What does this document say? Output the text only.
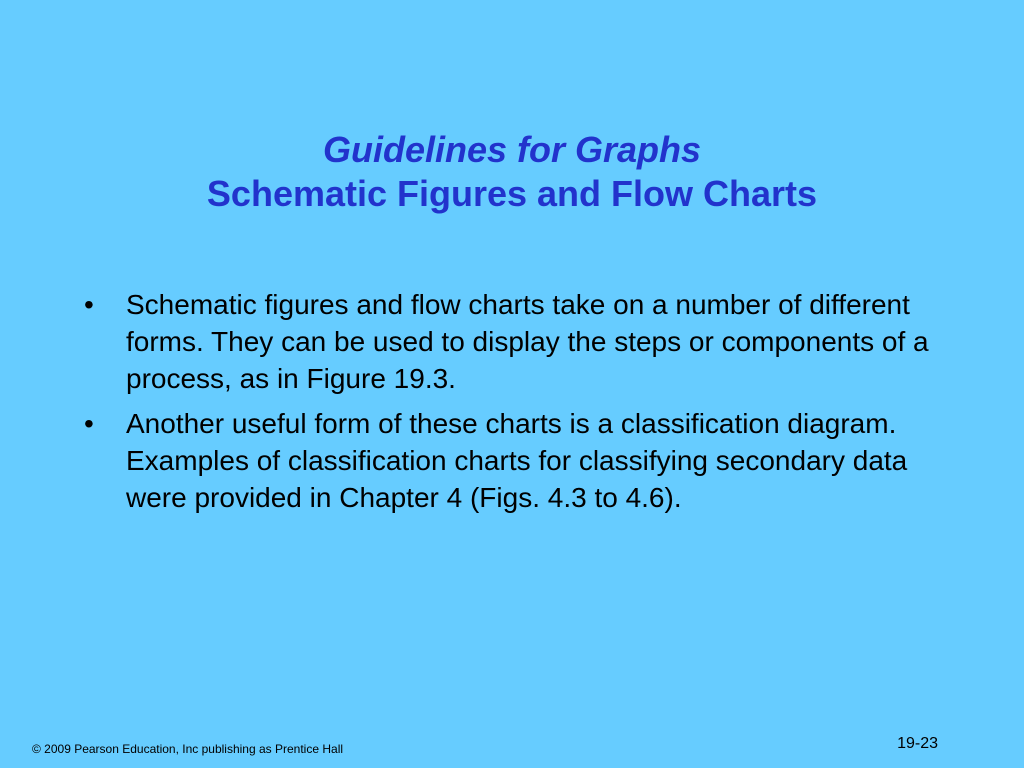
Guidelines for Graphs
Schematic Figures and Flow Charts
•	Schematic figures and flow charts take on a number of different forms. They can be used to display the steps or components of a process, as in Figure 19.3.
•	Another useful form of these charts is a classification diagram. Examples of classification charts for classifying secondary data were provided in Chapter 4 (Figs. 4.3 to 4.6).
© 2009 Pearson Education, Inc publishing as Prentice Hall	19-23
